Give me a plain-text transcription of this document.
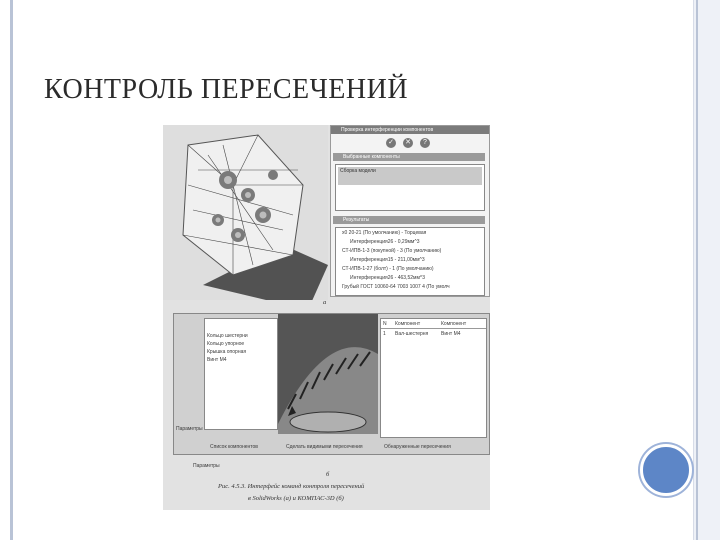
КОНТРОЛЬ ПЕРЕСЕЧЕНИЙ
Проверка интерференции компонентов
✓ ✕	?
Выбранные компоненты
Сборка модели
Результаты
x0 20-21 (По умолчанию) - Торцевая
Интерференция26 - 0,29мм^3
СТ-ИПВ-1-3 (покупной) - 3 (По умолчанию)
Интерференция15 - 211,00мм^3
СТ-ИПВ-1-27 (болт) - 1 (По умолчанию)
Интерференция26 - 463,52мм^3
Грубый ГОСТ 10060-64 7003 1007 4 (По умолч
а
Кольцо шестерни
Кольцо упорное
Крышка опорная
Винт М4
N Компонент	Компонент
1 Вал-шестерня	Винт М4
Параметры
Список компонентов	Сделать видимыми пересечения	Обнаруженные пересечения
Параметры
б
Рис. 4.5.3. Интерфейс команд контроля пересечений
в SolidWorks (а) и КОМПАС-3D (б)
